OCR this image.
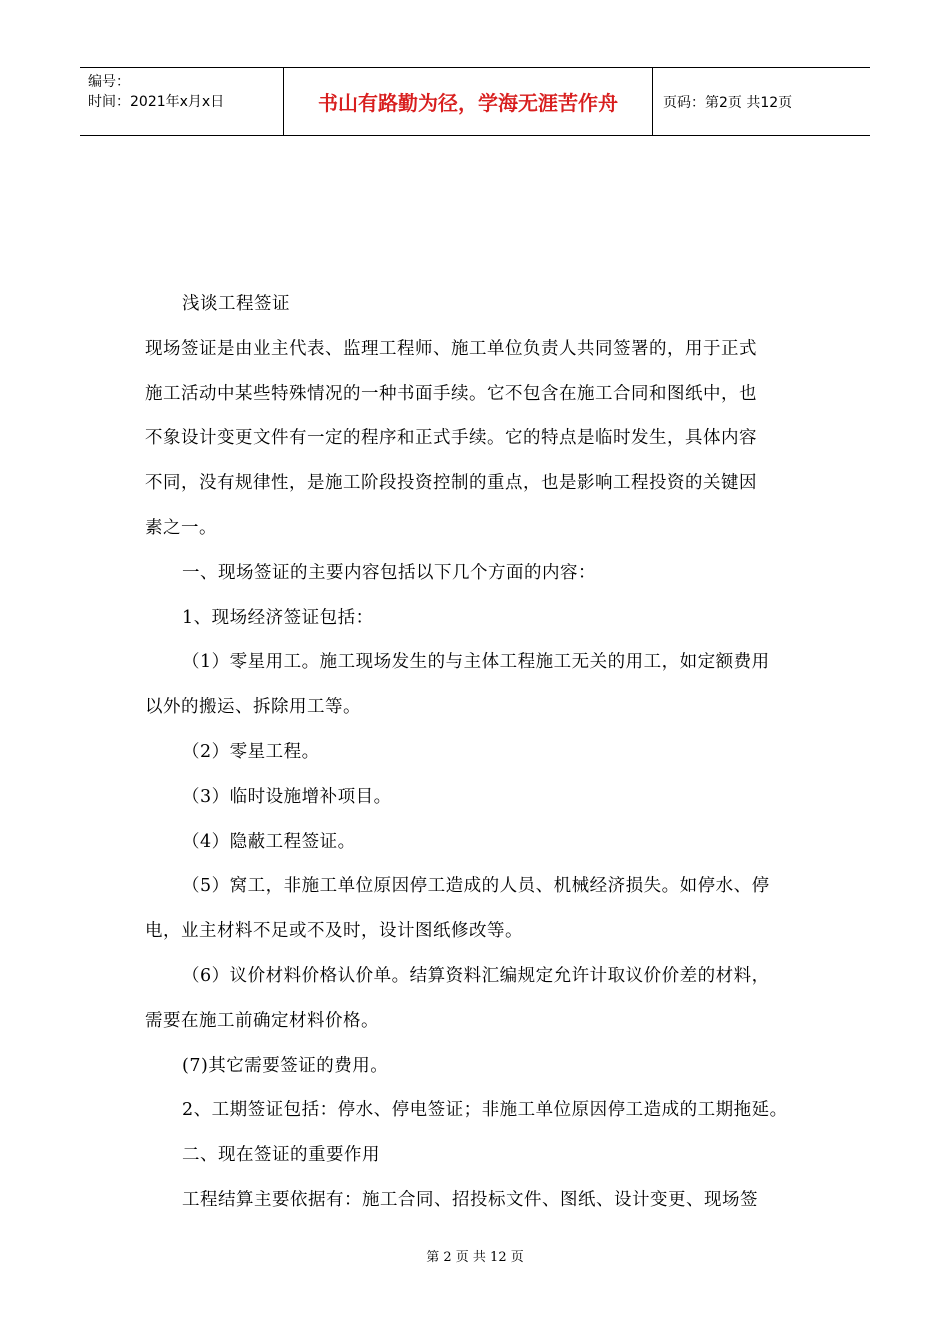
编号：
时间：2021年x月x日	书山有路勤为径，学海无涯苦作舟	页码：第2页 共12页

浅谈工程签证

现场签证是由业主代表、监理工程师、施工单位负责人共同签署的，用于正式

施工活动中某些特殊情况的一种书面手续。它不包含在施工合同和图纸中，也

不象设计变更文件有一定的程序和正式手续。它的特点是临时发生，具体内容

不同，没有规律性，是施工阶段投资控制的重点，也是影响工程投资的关键因

素之一。

一、现场签证的主要内容包括以下几个方面的内容：

1、现场经济签证包括：

（1）零星用工。施工现场发生的与主体工程施工无关的用工，如定额费用

以外的搬运、拆除用工等。

（2）零星工程。

（3）临时设施增补项目。

（4）隐蔽工程签证。

（5）窝工，非施工单位原因停工造成的人员、机械经济损失。如停水、停

电，业主材料不足或不及时，设计图纸修改等。

（6）议价材料价格认价单。结算资料汇编规定允许计取议价价差的材料，

需要在施工前确定材料价格。

(7)其它需要签证的费用。

2、工期签证包括：停水、停电签证；非施工单位原因停工造成的工期拖延。

二、现在签证的重要作用

工程结算主要依据有：施工合同、招投标文件、图纸、设计变更、现场签

第 2 页 共 12 页
